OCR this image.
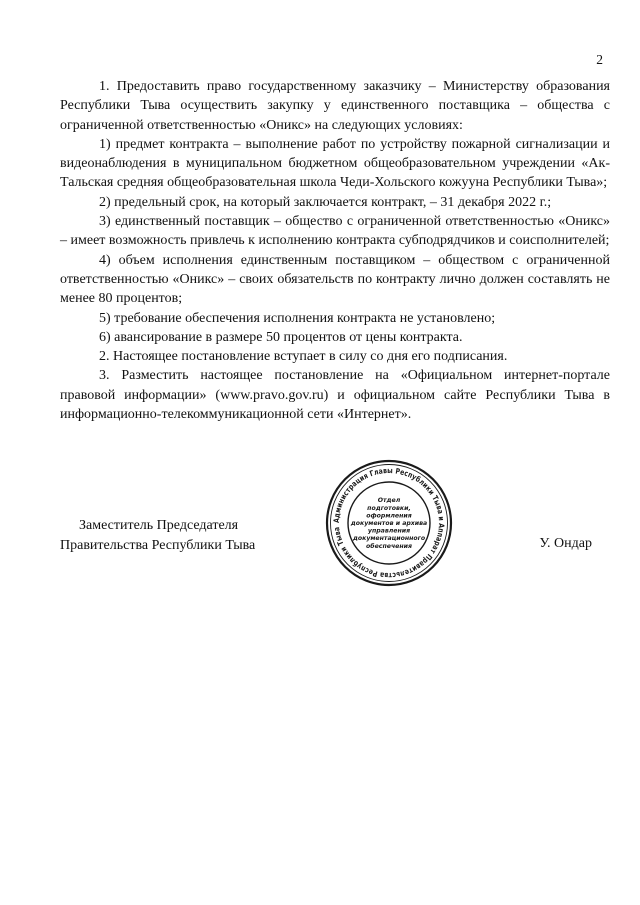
2

1. Предоставить право государственному заказчику – Министерству образования Республики Тыва осуществить закупку у единственного поставщика – общества с ограниченной ответственностью «Оникс» на следующих условиях:

1) предмет контракта – выполнение работ по устройству пожарной сигнализации и видеонаблюдения в муниципальном бюджетном общеобразовательном учреждении «Ак-Тальская средняя общеобразовательная школа Чеди-Хольского кожууна Республики Тыва»;

2) предельный срок, на который заключается контракт, – 31 декабря 2022 г.;

3) единственный поставщик – общество с ограниченной ответственностью «Оникс» – имеет возможность привлечь к исполнению контракта субподрядчиков и соисполнителей;

4) объем исполнения единственным поставщиком – обществом с ограниченной ответственностью «Оникс» – своих обязательств по контракту лично должен составлять не менее 80 процентов;

5) требование обеспечения исполнения контракта не установлено;

6) авансирование в размере 50 процентов от цены контракта.

2. Настоящее постановление вступает в силу со дня его подписания.

3. Разместить настоящее постановление на «Официальном интернет-портале правовой информации» (www.pravo.gov.ru) и официальном сайте Республики Тыва в информационно-телекоммуникационной сети «Интернет».

Заместитель Председателя
Правительства Республики Тыва
Администрация Главы Республики Тыва и Аппарат Правительства Республики Тыва
Отдел
подготовки,
оформления
документов и архива
управления
документационного
обеспечения	У. Ондар
